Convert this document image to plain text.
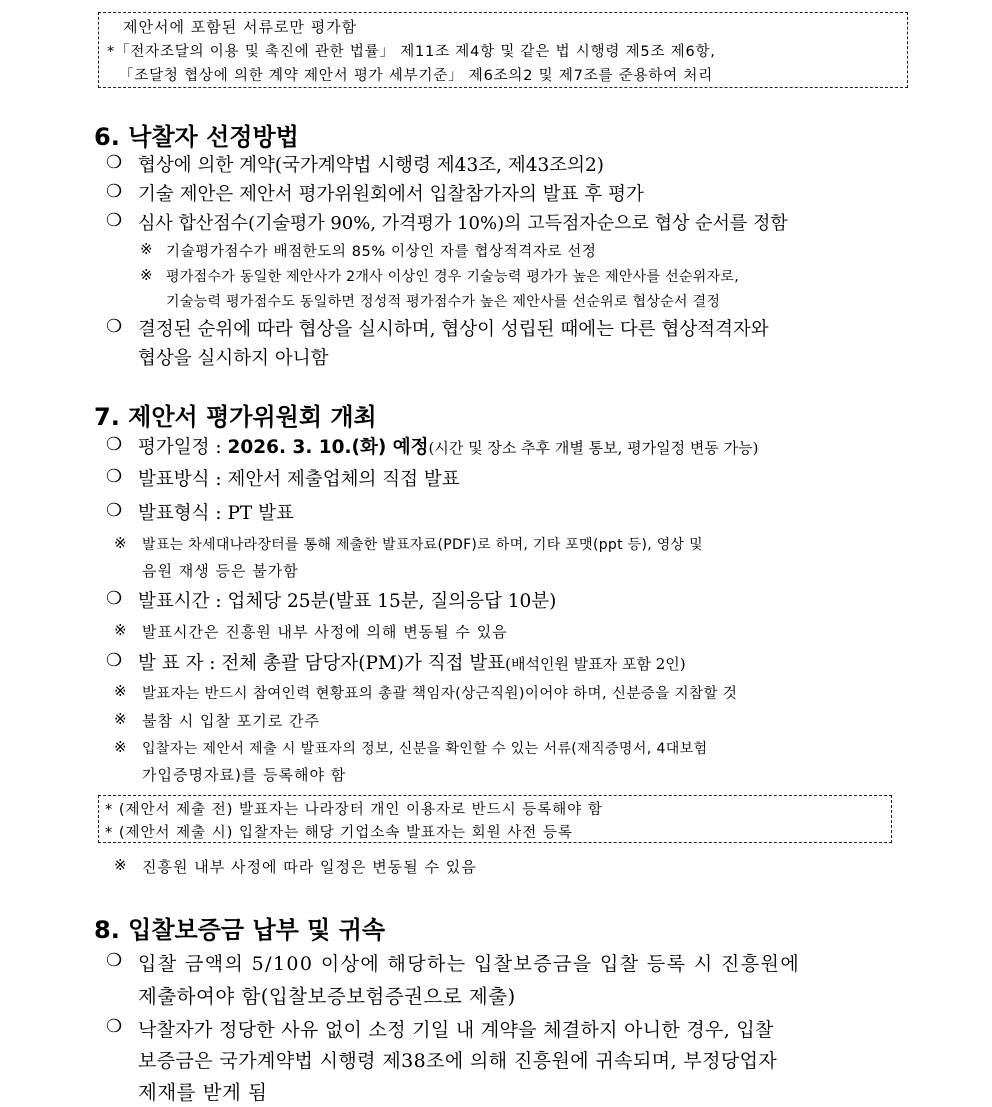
제안서에 포함된 서류로만 평가함
*「전자조달의 이용 및 촉진에 관한 법률」 제11조 제4항 및 같은 법 시행령 제5조 제6항,
「조달청 협상에 의한 계약 제안서 평가 세부기준」 제6조의2 및 제7조를 준용하여 처리
6. 낙찰자 선정방법
❍ 협상에 의한 계약(국가계약법 시행령 제43조, 제43조의2)
❍ 기술 제안은 제안서 평가위원회에서 입찰참가자의 발표 후 평가
❍ 심사 합산점수(기술평가 90%, 가격평가 10%)의 고득점자순으로 협상 순서를 정함
※ 기술평가점수가 배점한도의 85% 이상인 자를 협상적격자로 선정
※ 평가점수가 동일한 제안사가 2개사 이상인 경우 기술능력 평가가 높은 제안사를 선순위자로,
기술능력 평가점수도 동일하면 정성적 평가점수가 높은 제안사를 선순위로 협상순서 결정
❍ 결정된 순위에 따라 협상을 실시하며, 협상이 성립된 때에는 다른 협상적격자와
협상을 실시하지 아니함
7. 제안서 평가위원회 개최
❍ 평가일정 : 2026. 3. 10.(화) 예정(시간 및 장소 추후 개별 통보, 평가일정 변동 가능)
❍ 발표방식 : 제안서 제출업체의 직접 발표
❍ 발표형식 : PT 발표
※ 발표는 차세대나라장터를 통해 제출한 발표자료(PDF)로 하며, 기타 포맷(ppt 등), 영상 및
음원 재생 등은 불가함
❍ 발표시간 : 업체당 25분(발표 15분, 질의응답 10분)
※ 발표시간은 진흥원 내부 사정에 의해 변동될 수 있음
❍ 발 표 자 : 전체 총괄 담당자(PM)가 직접 발표(배석인원 발표자 포함 2인)
※ 발표자는 반드시 참여인력 현황표의 총괄 책임자(상근직원)이어야 하며, 신분증을 지참할 것
※ 불참 시 입찰 포기로 간주
※ 입찰자는 제안서 제출 시 발표자의 정보, 신분을 확인할 수 있는 서류(재직증명서, 4대보험
가입증명자료)를 등록해야 함
* (제안서 제출 전) 발표자는 나라장터 개인 이용자로 반드시 등록해야 함
* (제안서 제출 시) 입찰자는 해당 기업소속 발표자는 회원 사전 등록
※ 진흥원 내부 사정에 따라 일정은 변동될 수 있음
8. 입찰보증금 납부 및 귀속
❍ 입찰 금액의 5/100 이상에 해당하는 입찰보증금을 입찰 등록 시 진흥원에
제출하여야 함(입찰보증보험증권으로 제출)
❍ 낙찰자가 정당한 사유 없이 소정 기일 내 계약을 체결하지 아니한 경우, 입찰
보증금은 국가계약법 시행령 제38조에 의해 진흥원에 귀속되며, 부정당업자
제재를 받게 됨
